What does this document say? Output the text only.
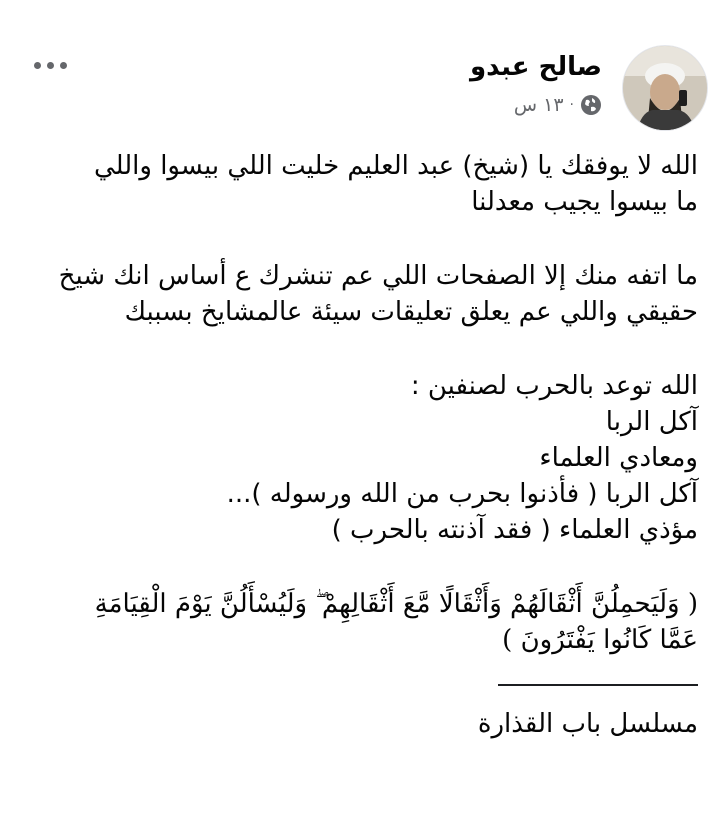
صالح عبدو
١٣ س ·

الله لا يوفقك يا (شيخ) عبد العليم خليت اللي بيسوا واللي
ما بيسوا يجيب معدلنا

ما اتفه منك إلا الصفحات اللي عم تنشرك ع أساس انك شيخ
حقيقي واللي عم يعلق تعليقات سيئة عالمشايخ بسببك

الله توعد بالحرب لصنفين :
آكل الربا
ومعادي العلماء
آكل الربا ( فأذنوا بحرب من الله ورسوله )...
مؤذي العلماء ( فقد آذنته بالحرب )

( وَلَيَحمِلُنَّ أَثْقَالَهُمْ وَأَثْقَالًا مَّعَ أَثْقَالِهِمْ ۖ وَلَيُسْأَلُنَّ يَوْمَ الْقِيَامَةِ
عَمَّا كَانُوا يَفْتَرُونَ )

مسلسل باب القذارة
